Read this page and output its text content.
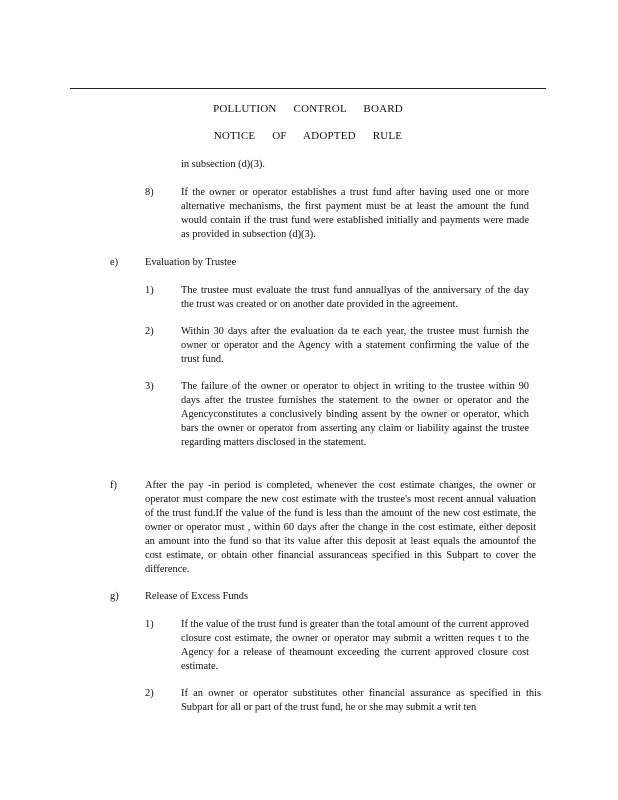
POLLUTION CONTROL BOARD
NOTICE OF ADOPTED RULE
in subsection (d)(3).
8)	If the owner or operator establishes a trust fund after having used one or more alternative mechanisms, the first payment must be at least the amount the fund would contain if the trust fund were established initially and payments were made as provided in subsection (d)(3).
e)	Evaluation by Trustee
1)	The trustee must evaluate the trust fund annuallyas of the anniversary of the day the trust was created or on another date provided in the agreement.
2)	Within 30 days after the evaluation da te each year, the trustee must furnish the owner or operator and the Agency with a statement confirming the value of the trust fund.
3)	The failure of the owner or operator to object in writing to the trustee within 90 days after the trustee furnishes the statement to the owner or operator and the Agencyconstitutes a conclusively binding assent by the owner or operator, which bars the owner or operator from asserting any claim or liability against the trustee regarding matters disclosed in the statement.
f)	After the pay -in period is completed, whenever the cost estimate changes, the owner or operator must compare the new cost estimate with the trustee's most recent annual valuation of the trust fund.If the value of the fund is less than the amount of the new cost estimate, the owner or operator must , within 60 days after the change in the cost estimate, either deposit an amount into the fund so that its value after this deposit at least equals the amountof the cost estimate, or obtain other financial assuranceas specified in this Subpart to cover the difference.
g)	Release of Excess Funds
1)	If the value of the trust fund is greater than the total amount of the current approved closure cost estimate, the owner or operator may submit a written reques t to the Agency for a release of theamount exceeding the current approved closure cost estimate.
2)	If an owner or operator substitutes other financial assurance as specified in this Subpart for all or part of the trust fund, he or she may submit a writ ten
